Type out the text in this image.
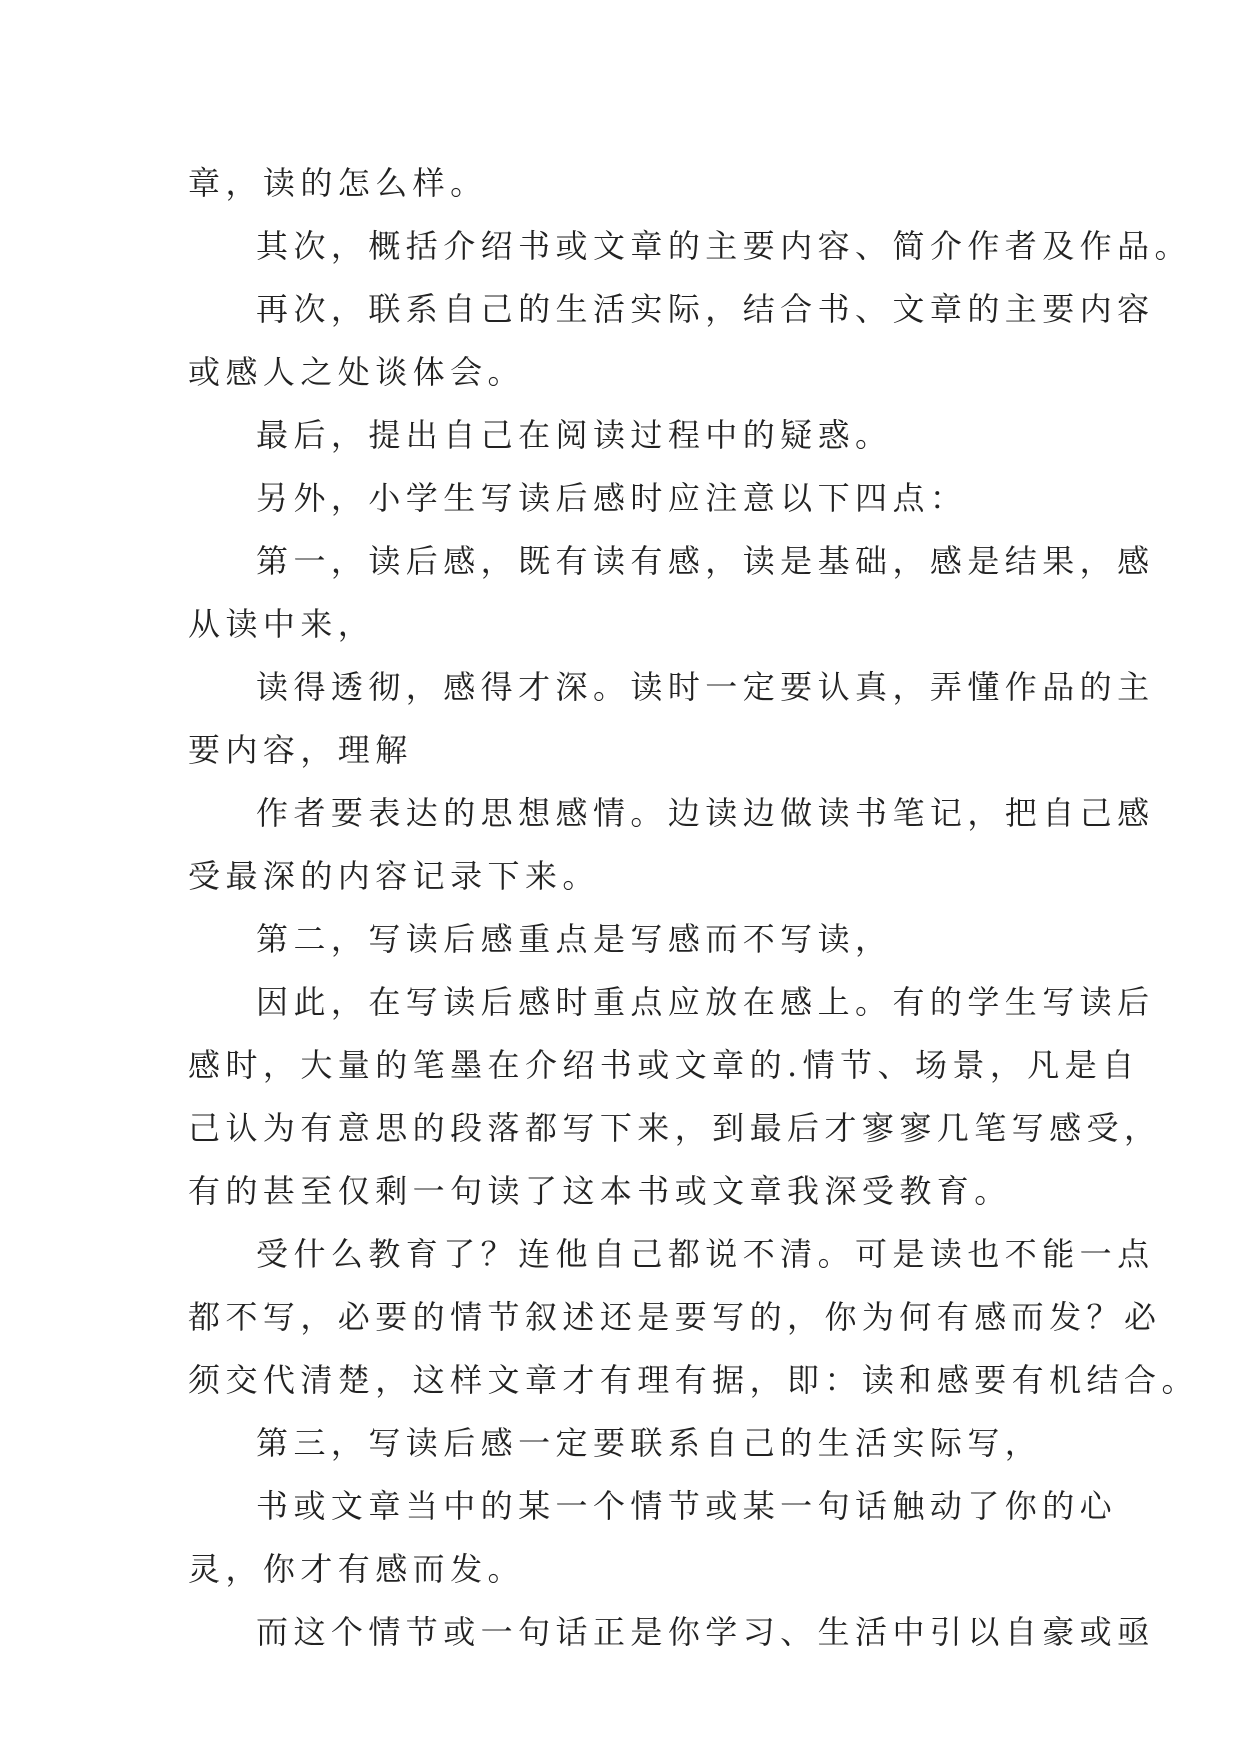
章，读的怎么样。
其次，概括介绍书或文章的主要内容、简介作者及作品。
再次，联系自己的生活实际，结合书、文章的主要内容
或感人之处谈体会。
最后，提出自己在阅读过程中的疑惑。
另外，小学生写读后感时应注意以下四点：
第一，读后感，既有读有感，读是基础，感是结果，感
从读中来，
读得透彻，感得才深。读时一定要认真，弄懂作品的主
要内容，理解
作者要表达的思想感情。边读边做读书笔记，把自己感
受最深的内容记录下来。
第二，写读后感重点是写感而不写读，
因此，在写读后感时重点应放在感上。有的学生写读后
感时，大量的笔墨在介绍书或文章的.情节、场景，凡是自
己认为有意思的段落都写下来，到最后才寥寥几笔写感受，
有的甚至仅剩一句读了这本书或文章我深受教育。
受什么教育了？连他自己都说不清。可是读也不能一点
都不写，必要的情节叙述还是要写的，你为何有感而发？必
须交代清楚，这样文章才有理有据，即：读和感要有机结合。
第三，写读后感一定要联系自己的生活实际写，
书或文章当中的某一个情节或某一句话触动了你的心
灵，你才有感而发。
而这个情节或一句话正是你学习、生活中引以自豪或亟
